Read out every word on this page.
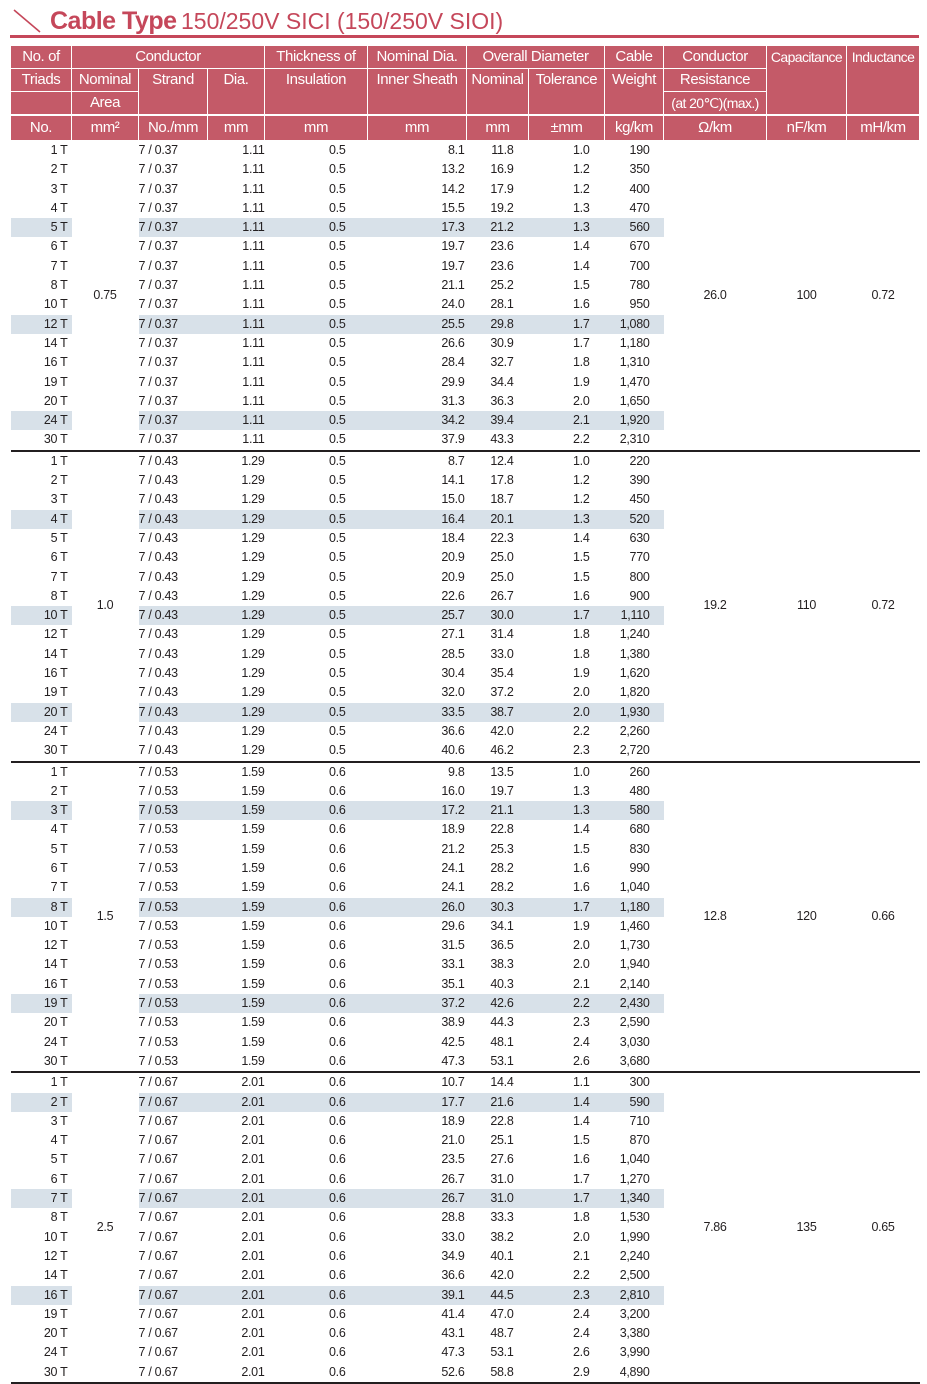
Cable Type 150/250V SICI (150/250V SIOI)
No. of	Conductor			Thickness of	Nominal Dia.	Overall Diameter		Cable	Conductor	Capacitance	Inductance
Triads	Nominal	Strand	Dia.	Insulation	Inner Sheath	Nominal	Tolerance	Weight	Resistance		
	Area								(at 20℃)(max.)		
No.	mm²	No./mm	mm	mm	mm	mm	±mm	kg/km	Ω/km	nF/km	mH/km
1 T	0.75	7 / 0.37	1.11	0.5	8.1	11.8	1.0	190	26.0	100	0.72
2 T		7 / 0.37	1.11	0.5	13.2	16.9	1.2	350			
3 T		7 / 0.37	1.11	0.5	14.2	17.9	1.2	400			
4 T		7 / 0.37	1.11	0.5	15.5	19.2	1.3	470			
5 T		7 / 0.37	1.11	0.5	17.3	21.2	1.3	560			
6 T		7 / 0.37	1.11	0.5	19.7	23.6	1.4	670			
7 T		7 / 0.37	1.11	0.5	19.7	23.6	1.4	700			
8 T		7 / 0.37	1.11	0.5	21.1	25.2	1.5	780			
10 T		7 / 0.37	1.11	0.5	24.0	28.1	1.6	950			
12 T		7 / 0.37	1.11	0.5	25.5	29.8	1.7	1,080			
14 T		7 / 0.37	1.11	0.5	26.6	30.9	1.7	1,180			
16 T		7 / 0.37	1.11	0.5	28.4	32.7	1.8	1,310			
19 T		7 / 0.37	1.11	0.5	29.9	34.4	1.9	1,470			
20 T		7 / 0.37	1.11	0.5	31.3	36.3	2.0	1,650			
24 T		7 / 0.37	1.11	0.5	34.2	39.4	2.1	1,920			
30 T		7 / 0.37	1.11	0.5	37.9	43.3	2.2	2,310			
1 T	1.0	7 / 0.43	1.29	0.5	8.7	12.4	1.0	220	19.2	110	0.72
2 T		7 / 0.43	1.29	0.5	14.1	17.8	1.2	390			
3 T		7 / 0.43	1.29	0.5	15.0	18.7	1.2	450			
4 T		7 / 0.43	1.29	0.5	16.4	20.1	1.3	520			
5 T		7 / 0.43	1.29	0.5	18.4	22.3	1.4	630			
6 T		7 / 0.43	1.29	0.5	20.9	25.0	1.5	770			
7 T		7 / 0.43	1.29	0.5	20.9	25.0	1.5	800			
8 T		7 / 0.43	1.29	0.5	22.6	26.7	1.6	900			
10 T		7 / 0.43	1.29	0.5	25.7	30.0	1.7	1,110			
12 T		7 / 0.43	1.29	0.5	27.1	31.4	1.8	1,240			
14 T		7 / 0.43	1.29	0.5	28.5	33.0	1.8	1,380			
16 T		7 / 0.43	1.29	0.5	30.4	35.4	1.9	1,620			
19 T		7 / 0.43	1.29	0.5	32.0	37.2	2.0	1,820			
20 T		7 / 0.43	1.29	0.5	33.5	38.7	2.0	1,930			
24 T		7 / 0.43	1.29	0.5	36.6	42.0	2.2	2,260			
30 T		7 / 0.43	1.29	0.5	40.6	46.2	2.3	2,720			
1 T	1.5	7 / 0.53	1.59	0.6	9.8	13.5	1.0	260	12.8	120	0.66
2 T		7 / 0.53	1.59	0.6	16.0	19.7	1.3	480			
3 T		7 / 0.53	1.59	0.6	17.2	21.1	1.3	580			
4 T		7 / 0.53	1.59	0.6	18.9	22.8	1.4	680			
5 T		7 / 0.53	1.59	0.6	21.2	25.3	1.5	830			
6 T		7 / 0.53	1.59	0.6	24.1	28.2	1.6	990			
7 T		7 / 0.53	1.59	0.6	24.1	28.2	1.6	1,040			
8 T		7 / 0.53	1.59	0.6	26.0	30.3	1.7	1,180			
10 T		7 / 0.53	1.59	0.6	29.6	34.1	1.9	1,460			
12 T		7 / 0.53	1.59	0.6	31.5	36.5	2.0	1,730			
14 T		7 / 0.53	1.59	0.6	33.1	38.3	2.0	1,940			
16 T		7 / 0.53	1.59	0.6	35.1	40.3	2.1	2,140			
19 T		7 / 0.53	1.59	0.6	37.2	42.6	2.2	2,430			
20 T		7 / 0.53	1.59	0.6	38.9	44.3	2.3	2,590			
24 T		7 / 0.53	1.59	0.6	42.5	48.1	2.4	3,030			
30 T		7 / 0.53	1.59	0.6	47.3	53.1	2.6	3,680			
1 T	2.5	7 / 0.67	2.01	0.6	10.7	14.4	1.1	300	7.86	135	0.65
2 T		7 / 0.67	2.01	0.6	17.7	21.6	1.4	590			
3 T		7 / 0.67	2.01	0.6	18.9	22.8	1.4	710			
4 T		7 / 0.67	2.01	0.6	21.0	25.1	1.5	870			
5 T		7 / 0.67	2.01	0.6	23.5	27.6	1.6	1,040			
6 T		7 / 0.67	2.01	0.6	26.7	31.0	1.7	1,270			
7 T		7 / 0.67	2.01	0.6	26.7	31.0	1.7	1,340			
8 T		7 / 0.67	2.01	0.6	28.8	33.3	1.8	1,530			
10 T		7 / 0.67	2.01	0.6	33.0	38.2	2.0	1,990			
12 T		7 / 0.67	2.01	0.6	34.9	40.1	2.1	2,240			
14 T		7 / 0.67	2.01	0.6	36.6	42.0	2.2	2,500			
16 T		7 / 0.67	2.01	0.6	39.1	44.5	2.3	2,810			
19 T		7 / 0.67	2.01	0.6	41.4	47.0	2.4	3,200			
20 T		7 / 0.67	2.01	0.6	43.1	48.7	2.4	3,380			
24 T		7 / 0.67	2.01	0.6	47.3	53.1	2.6	3,990			
30 T		7 / 0.67	2.01	0.6	52.6	58.8	2.9	4,890			
